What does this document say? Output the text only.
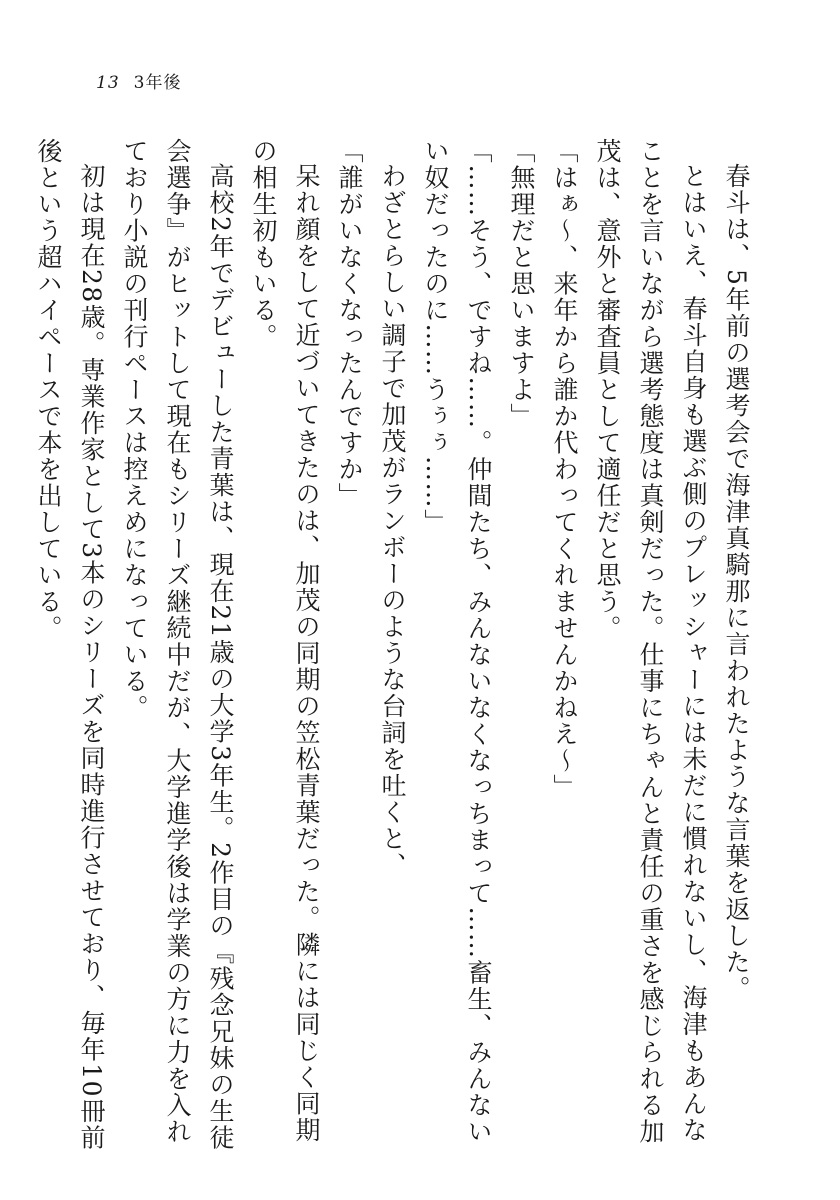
13 3年後

春斗は、5年前の選考会で海津真騎那に言われたような言葉を返した。

とはいえ、春斗自身も選ぶ側のプレッシャーには未だに慣れないし、海津もあんなことを言いながら選考態度は真剣だった。仕事にちゃんと責任の重さを感じられる加茂は、意外と審査員として適任だと思う。

「はぁ～、来年から誰か代わってくれませんかねえ～」

「無理だと思いますよ」

「……そう、ですね……。仲間たち、みんないなくなっちまって……畜生、みんないい奴だったのに……うぅぅ……」

わざとらしい調子で加茂がランボーのような台詞を吐くと、

「誰がいなくなったんですか」

呆れ顔をして近づいてきたのは、加茂の同期の笠松青葉だった。隣には同じく同期の相生初もいる。

高校2年でデビューした青葉は、現在21歳の大学3年生。2作目の『残念兄妹の生徒会選争』がヒットして現在もシリーズ継続中だが、大学進学後は学業の方に力を入れており小説の刊行ペースは控えめになっている。

初は現在28歳。専業作家として3本のシリーズを同時進行させており、毎年10冊前後という超ハイペースで本を出している。
